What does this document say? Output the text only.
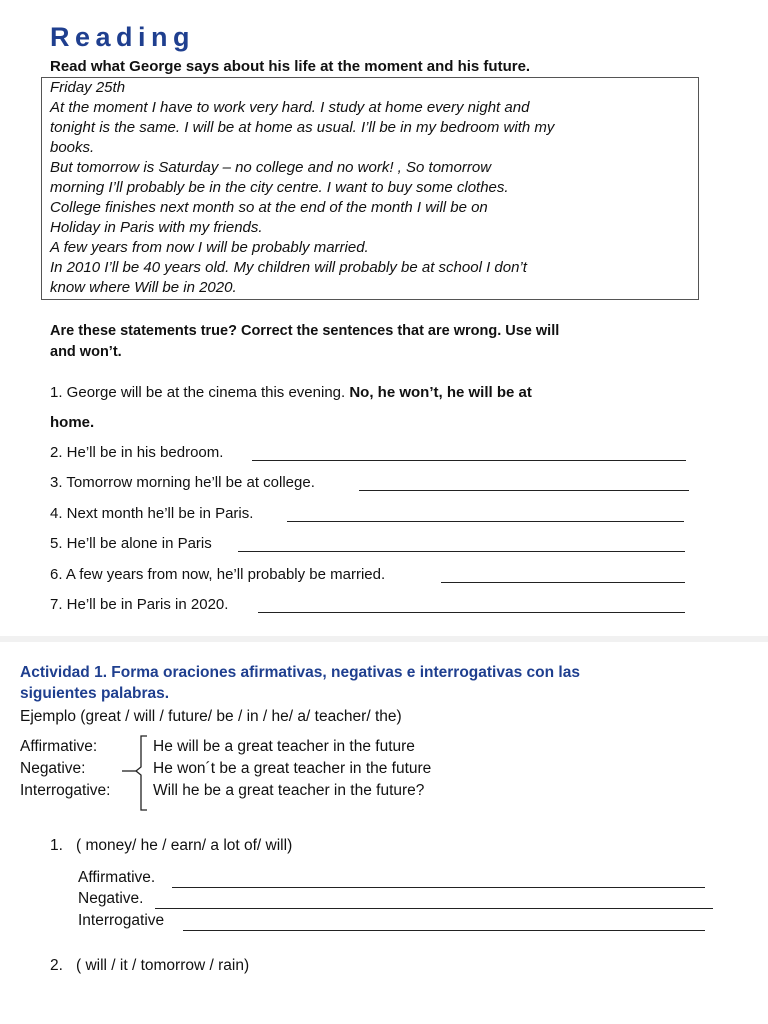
Reading
Read what George says about his life at the moment and his future.
Friday 25th
At the moment I have to work very hard. I study at home every night and
tonight is the same. I will be at home as usual. I’ll be in my bedroom with my
books.
But tomorrow is Saturday – no college and no work! , So tomorrow
morning I’ll probably be in the city centre. I want to buy some clothes.
College finishes next month so at the end of the month I will be on
Holiday in Paris with my friends.
A few years from now I will be probably married.
In 2010 I’ll be 40 years old. My children will probably be at school I don’t
know where Will be in 2020.
Are these statements true? Correct the sentences that are wrong. Use will
and won’t.
1. George will be at the cinema this evening. No, he won’t, he will be at
home.
2. He’ll be in his bedroom.
3. Tomorrow morning he’ll be at college.
4. Next month he’ll be in Paris.
5. He’ll be alone in Paris
6. A few years from now, he’ll probably be married.
7. He’ll be in Paris in 2020.
Actividad 1. Forma oraciones afirmativas, negativas e interrogativas con las
siguientes palabras.
Ejemplo (great / will / future/ be / in / he/ a/ teacher/ the)
Affirmative:
Negative:
Interrogative:
He will be a great teacher in the future
He won´t be a great teacher in the future
Will he be a great teacher in the future?
1. ( money/ he / earn/ a lot of/ will)
Affirmative.
Negative.
Interrogative
2. ( will / it / tomorrow / rain)
